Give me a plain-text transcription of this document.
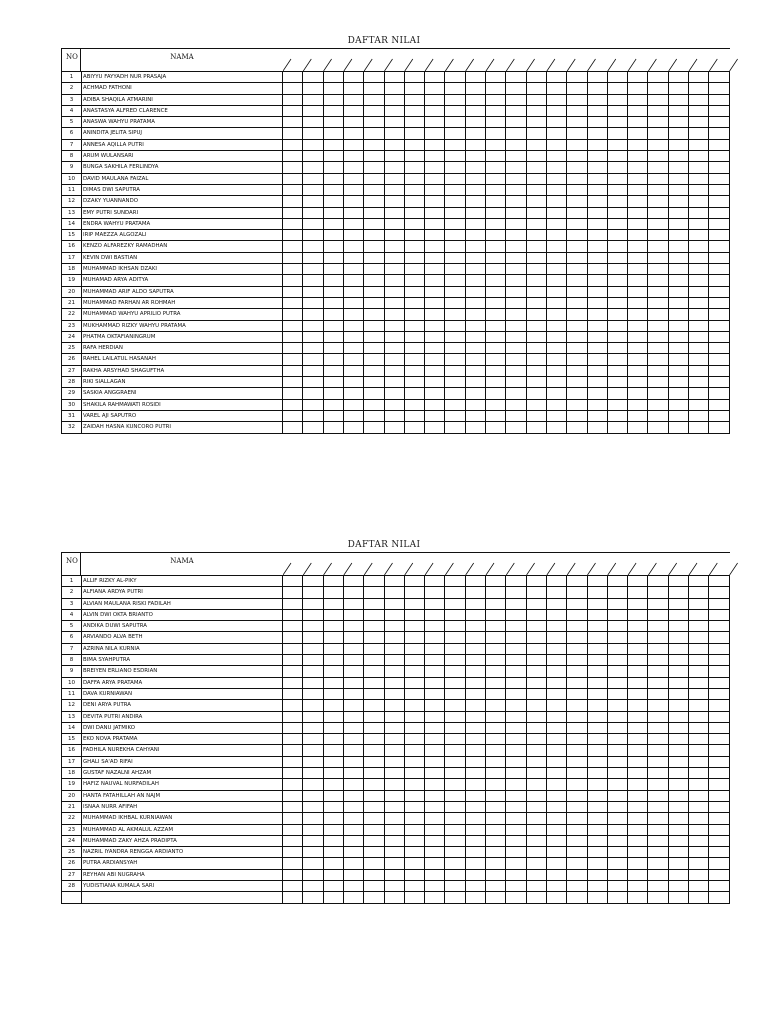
DAFTAR NILAI
NO	NAMA
1	ABIYYU FAYYADH NUR PRASAJA
2	ACHMAD FATHONI
3	ADIBA SHAQILA ATMARINI
4	ANASTASYA ALFRED CLARENCE
5	ANASWA WAHYU PRATAMA
6	ANINDITA JELITA SIPUJ
7	ANNESA AQILLA PUTRI
8	ARUM WULANSARI
9	BUNGA SAKHILA FERLINDYA
10	DAVID MAULANA FAIZAL
11	DIMAS DWI SAPUTRA
12	DZAKY YUANNANDO
13	EMY PUTRI SUNDARI
14	ENDRA WAHYU PRATAMA
15	IRIP MAEZZA ALGOZALI
16	KENZO ALFAREZKY RAMADHAN
17	KEVIN DWI BASTIAN
18	MUHAMMAD IKHSAN DZAKI
19	MUHAMAD ARYA ADITYA
20	MUHAMMAD ARIF ALDO SAPUTRA
21	MUHAMMAD FARHAN AR ROHMAH
22	MUHAMMAD WAHYU APRILIO PUTRA
23	MUKHAMMAD RIZKY WAHYU PRATAMA
24	PHATMA OKTAFIANINGRUM
25	RAFA HERDIAN
26	RAHEL LAILATUL HASANAH
27	RAKHA ARSYHAD SHAGUFTHA
28	RIKI SIALLAGAN
29	SASKIA ANGGRAENI
30	SHAKILA RAHMAWATI ROSIDI
31	VAREL AJI SAPUTRO
32	ZAIDAH HASNA KUNCORO PUTRI
DAFTAR NILAI
NO	NAMA
1	ALLIF RIZKY AL-PIKY
2	ALFIANA ARDYA PUTRI
3	ALVIAN MAULANA RISKI FADILAH
4	ALVIN DWI OKTA BRIANTO
5	ANDIKA DUWI SAPUTRA
6	ARVIANDO ALVA BETH
7	AZRINA NILA KURNIA
8	BIMA SYAHPUTRA
9	BREIYEN ERLIANO ESDRIAN
10	DAFFA ARYA PRATAMA
11	DAVA KURNIAWAN
12	DENI ARYA PUTRA
13	DEVITA PUTRI ANDIRA
14	DWI DANU JATMIKO
15	EKO NOVA PRATAMA
16	FADHILA NUREKHA CAHYANI
17	GHALI SA'AD RIFAI
18	GUSTAF NAZALNI AHZAM
19	HAFIZ NAUVAL NURFADILAH
20	HANTA FATAHILLAH AN NAJM
21	ISNAA NURR AFIFAH
22	MUHAMMAD IKHBAL KURNIAWAN
23	MUHAMMAD AL AKMALUL AZZAM
24	MUHAMMAD ZAKY AHZA PRADIPTA
25	NAZRIL IYANDRA RENGGA ARDIANTO
26	PUTRA ARDIANSYAH
27	REYHAN ABI NUGRAHA
28	YUDISTIANA KUMALA SARI
